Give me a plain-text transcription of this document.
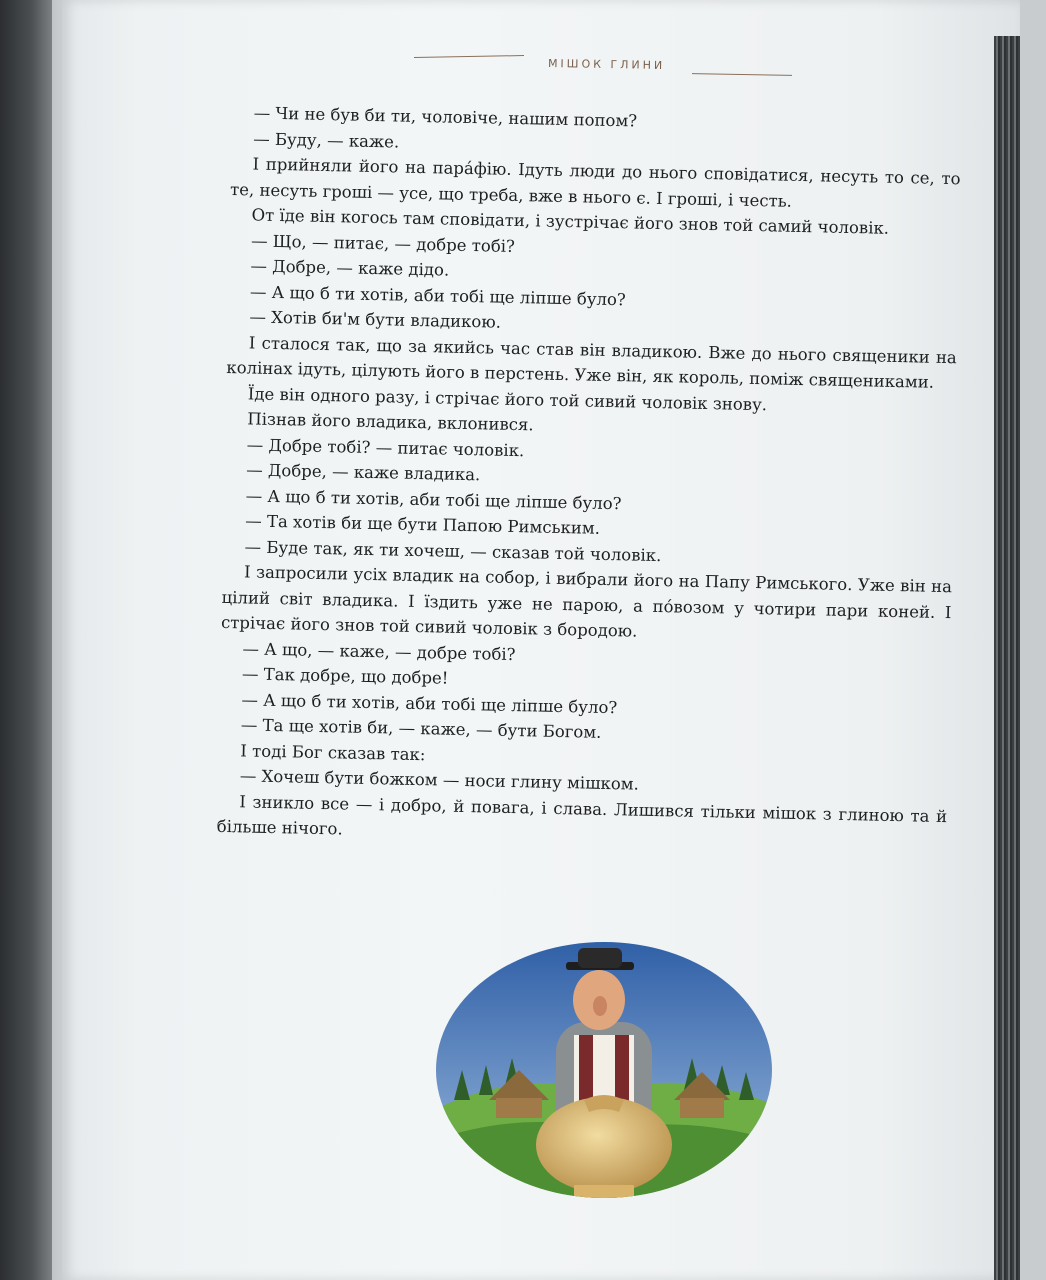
МІШОК ГЛИНИ

— Чи не був би ти, чоловіче, нашим попом?

— Буду, — каже.

І прийняли його на пара́фію. Ідуть люди до нього сповідатися, несуть то се, то те, несуть гроші — усе, що треба, вже в нього є. І гроші, і честь.

От їде він когось там сповідати, і зустрічає його знов той самий чоловік.

— Що, — питає, — добре тобі?

— Добре, — каже дідо.

— А що б ти хотів, аби тобі ще ліпше було?

— Хотів би'м бути владикою.

І сталося так, що за якийсь час став він владикою. Вже до нього священики на колінах ідуть, цілують його в перстень. Уже він, як король, поміж священиками.

Їде він одного разу, і стрічає його той сивий чоловік знову.

Пізнав його владика, вклонився.

— Добре тобі? — питає чоловік.

— Добре, — каже владика.

— А що б ти хотів, аби тобі ще ліпше було?

— Та хотів би ще бути Папою Римським.

— Буде так, як ти хочеш, — сказав той чоловік.

І запросили усіх владик на собор, і вибрали його на Папу Римського. Уже він на цілий світ владика. І їздить уже не парою, а по́возом у чотири пари коней. І стрічає його знов той сивий чоловік з бородою.

— А що, — каже, — добре тобі?

— Так добре, що добре!

— А що б ти хотів, аби тобі ще ліпше було?

— Та ще хотів би, — каже, — бути Богом.

І тоді Бог сказав так:

— Хочеш бути божком — носи глину мішком.

І зникло все — і добро, й повага, і слава. Лишився тільки мішок з глиною та й більше нічого.
